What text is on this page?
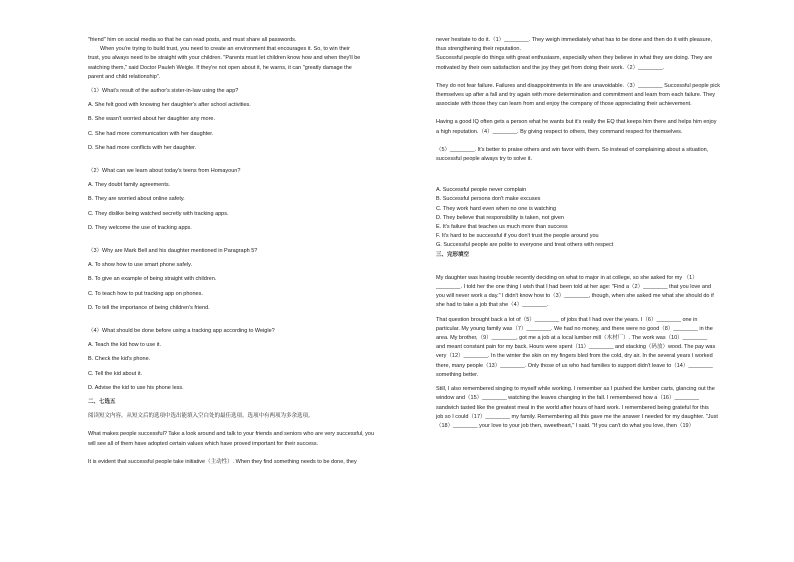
"friend" him on social media so that he can read posts, and must share all passwords.

When you're trying to build trust, you need to create an environment that encourages it. So, to win their

trust, you always need to be straight with your children. "Parents must let children know how and when they'll be

watching them," said Doctor Pauleh Weigle. If they're not open about it, he warns, it can "greatly damage the

parent and child relationship".

（1）What's result of the author's sister-in-law using the app?

A. She felt good with knowing her daughter's after school activities.

B. She wasn't worried about her daughter any more.

C. She had more communication with her daughter.

D. She had more conflicts with her daughter.

（2）What can we learn about today's teens from Homayoun?

A. They doubt family agreements.

B. They are worried about online safety.

C. They dislike being watched secretly with tracking apps.

D. They welcome the use of tracking apps.

（3）Why are Mark Bell and his daughter mentioned in Paragraph 5?

A. To show how to use smart phone safely.

B. To give an example of being straight with children.

C. To teach how to put tracking app on phones.

D. To tell the importance of being children's friend.

（4）What should be done before using a tracking app according to Weigle?

A. Teach the kid how to use it.

B. Check the kid's phone.

C. Tell the kid about it.

D. Advise the kid to use his phone less.

二、七选五

阅读短文内容，从短文后的选项中选出能填入空白处的最佳选项。选项中有两项为多余选项。

What makes people successful? Take a look around and talk to your friends and seniors who are very successful, you

will see all of them have adopted certain values which have proved important for their success.

It is evident that successful people take initiative（主动性）. When they find something needs to be done, they

never hesitate to do it.（1）________. They weigh immediately what has to be done and then do it with pleasure,

thus strengthening their reputation.

Successful people do things with great enthusiasm, especially when they believe in what they are doing. They are

motivated by their own satisfaction and the joy they get from doing their work.（2）________.

They do not fear failure. Failures and disappointments in life are unavoidable.（3）________ Successful people pick

themselves up after a fall and try again with more determination and commitment and learn from each failure. They

associate with those they can learn from and enjoy the company of those appreciating their achievement.

Having a good IQ often gets a person what he wants but it's really the EQ that keeps him there and helps him enjoy

a high reputation.（4）________. By giving respect to others, they command respect for themselves.

（5）________. It's better to praise others and win favor with them. So instead of complaining about a situation,

successful people always try to solve it.

A. Successful people never complain

B. Successful persons don't make excuses

C. They work hard even when no one is watching

D. They believe that responsibility is taken, not given

E. It's failure that teaches us much more than success

F. It's hard to be successful if you don't trust the people around you

G. Successful people are polite to everyone and treat others with respect

三、完形填空

My daughter was having trouble recently deciding on what to major in at college, so she asked for my （1）

________. I told her the one thing I wish that I had been told at her age: "Find a（2）________ that you love and

you will never work a day." I didn't know how to（3）________, though, when she asked me what she should do if

she had to take a job that she（4）________.

That question brought back a lot of（5）________ of jobs that I had over the years. I（6）________ one in

particular. My young family was（7）________. We had no money, and there were no good（8）________ in the

area. My brother,（9）________, got me a job at a local lumber mill（木材厂）. The work was（10）________

and meant constant pain for my back. Hours were spent（11）________ and stacking（码放）wood. The pay was

very（12）________. In the winter the skin on my fingers bled from the cold, dry air. In the several years I worked

there, many people（13）________. Only those of us who had families to support didn't leave to（14）________

something better.

Still, I also remembered singing to myself while working. I remember as I pushed the lumber carts, glancing out the

window and（15）________ watching the leaves changing in the fall. I remembered how a（16）________

sandwich tasted like the greatest meal in the world after hours of hard work. I remembered being grateful for this

job so I could（17）________ my family. Remembering all this gave me the answer I needed for my daughter. "Just

（18）________ your love to your job then, sweetheart," I said. "If you can't do what you love, then（19）
